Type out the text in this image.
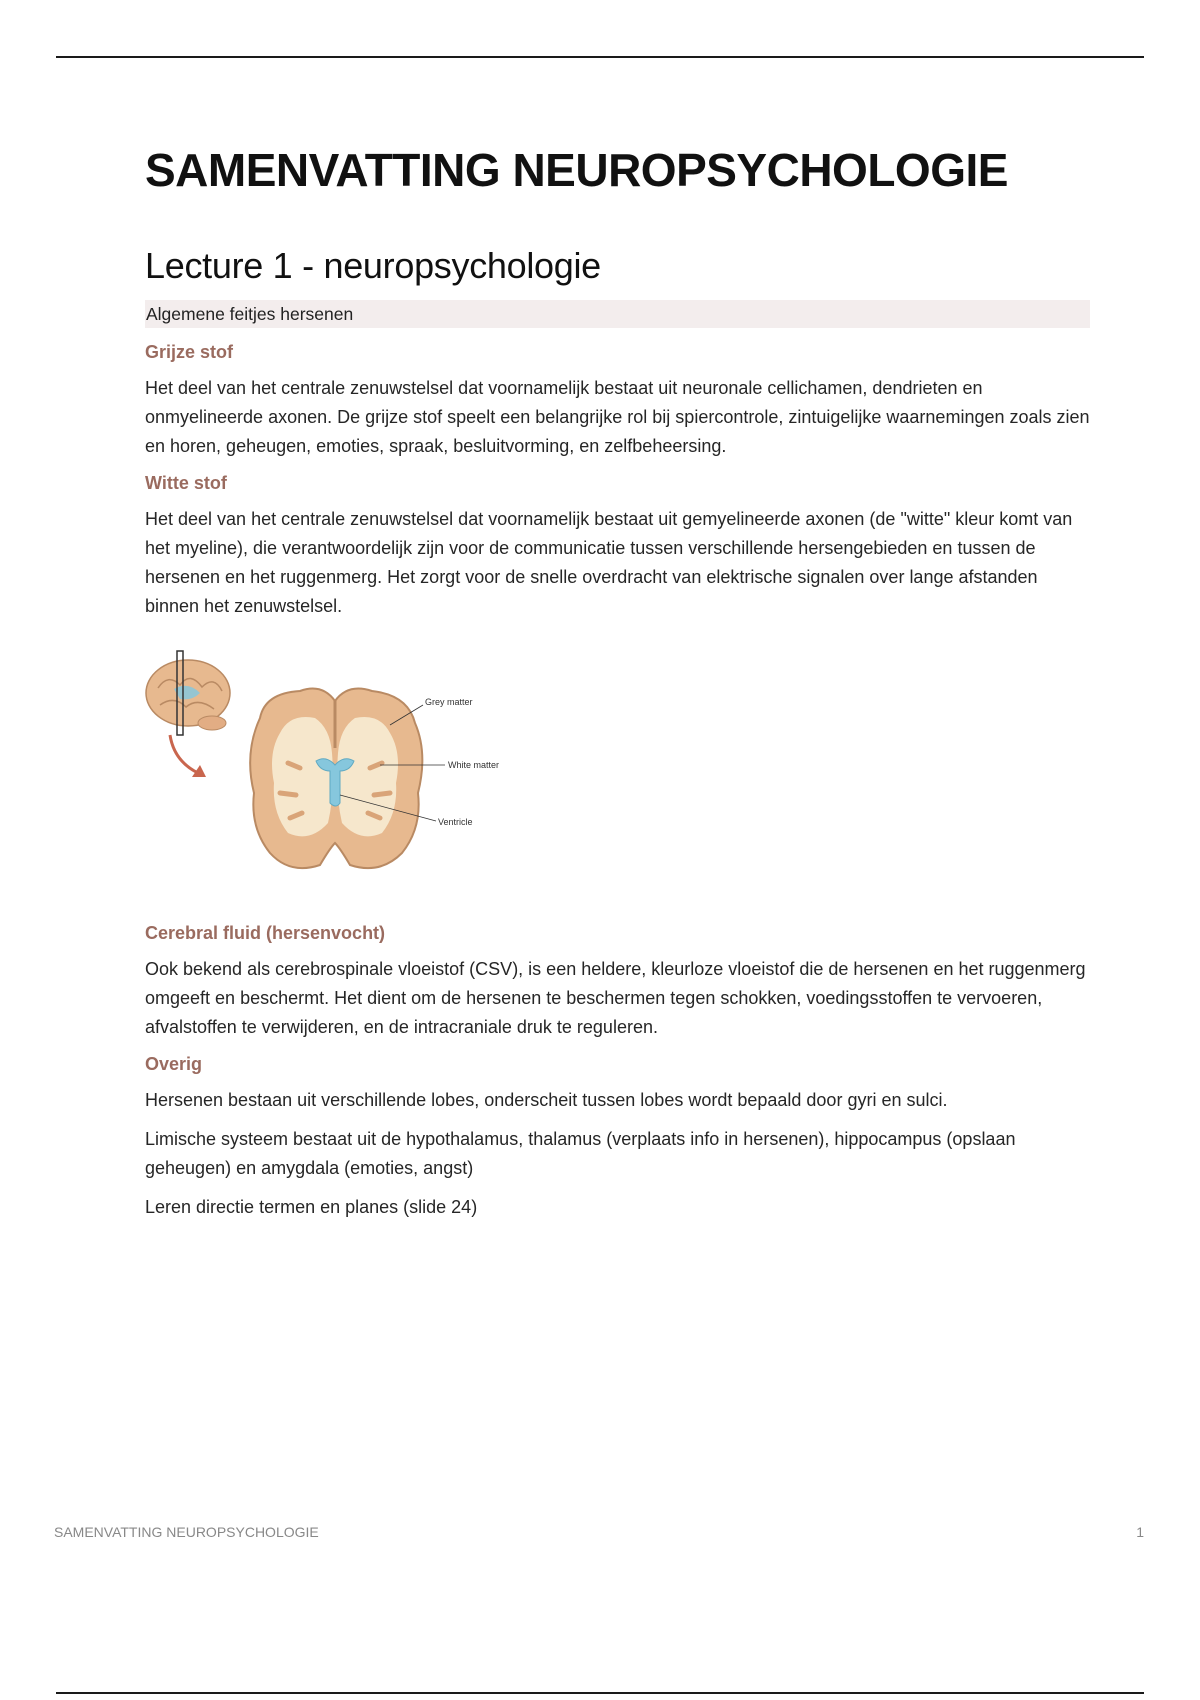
SAMENVATTING NEUROPSYCHOLOGIE
Lecture 1 - neuropsychologie
Algemene feitjes hersenen
Grijze stof

Het deel van het centrale zenuwstelsel dat voornamelijk bestaat uit neuronale cellichamen, dendrieten en onmyelineerde axonen. De grijze stof speelt een belangrijke rol bij spiercontrole, zintuigelijke waarnemingen zoals zien en horen, geheugen, emoties, spraak, besluitvorming, en zelfbeheersing.

Witte stof

Het deel van het centrale zenuwstelsel dat voornamelijk bestaat uit gemyelineerde axonen (de "witte" kleur komt van het myeline), die verantwoordelijk zijn voor de communicatie tussen verschillende hersengebieden en tussen de hersenen en het ruggenmerg. Het zorgt voor de snelle overdracht van elektrische signalen over lange afstanden binnen het zenuwstelsel.

Grey matter
White matter
Ventricle
Cerebral fluid (hersenvocht)

Ook bekend als cerebrospinale vloeistof (CSV), is een heldere, kleurloze vloeistof die de hersenen en het ruggenmerg omgeeft en beschermt. Het dient om de hersenen te beschermen tegen schokken, voedingsstoffen te vervoeren, afvalstoffen te verwijderen, en de intracraniale druk te reguleren.

Overig

Hersenen bestaan uit verschillende lobes, onderscheit tussen lobes wordt bepaald door gyri en sulci.

Limische systeem bestaat uit de hypothalamus, thalamus (verplaats info in hersenen), hippocampus (opslaan geheugen) en amygdala (emoties, angst)

Leren directie termen en planes (slide 24)

SAMENVATTING NEUROPSYCHOLOGIE	1
